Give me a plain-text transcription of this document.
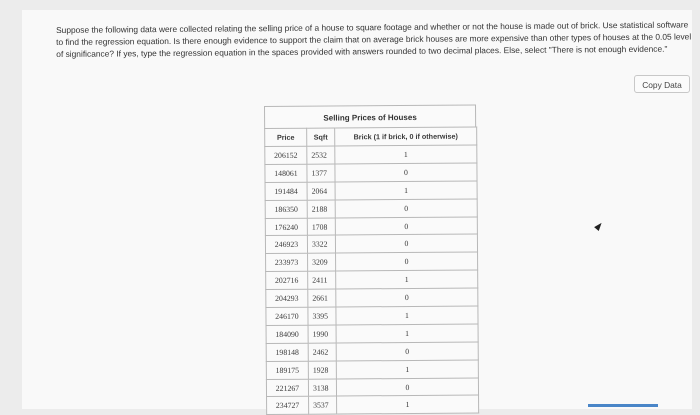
Suppose the following data were collected relating the selling price of a house to square footage and whether or not the house is made out of brick. Use statistical software to find the regression equation. Is there enough evidence to support the claim that on average brick houses are more expensive than other types of houses at the 0.05 level of significance? If yes, type the regression equation in the spaces provided with answers rounded to two decimal places. Else, select "There is not enough evidence."
Copy Data
Selling Prices of Houses
Price	Sqft	Brick (1 if brick, 0 if otherwise)
206152	2532	1
148061	1377	0
191484	2064	1
186350	2188	0
176240	1708	0
246923	3322	0
233973	3209	0
202716	2411	1
204293	2661	0
246170	3395	1
184090	1990	1
198148	2462	0
189175	1928	1
221267	3138	0
234727	3537	1
